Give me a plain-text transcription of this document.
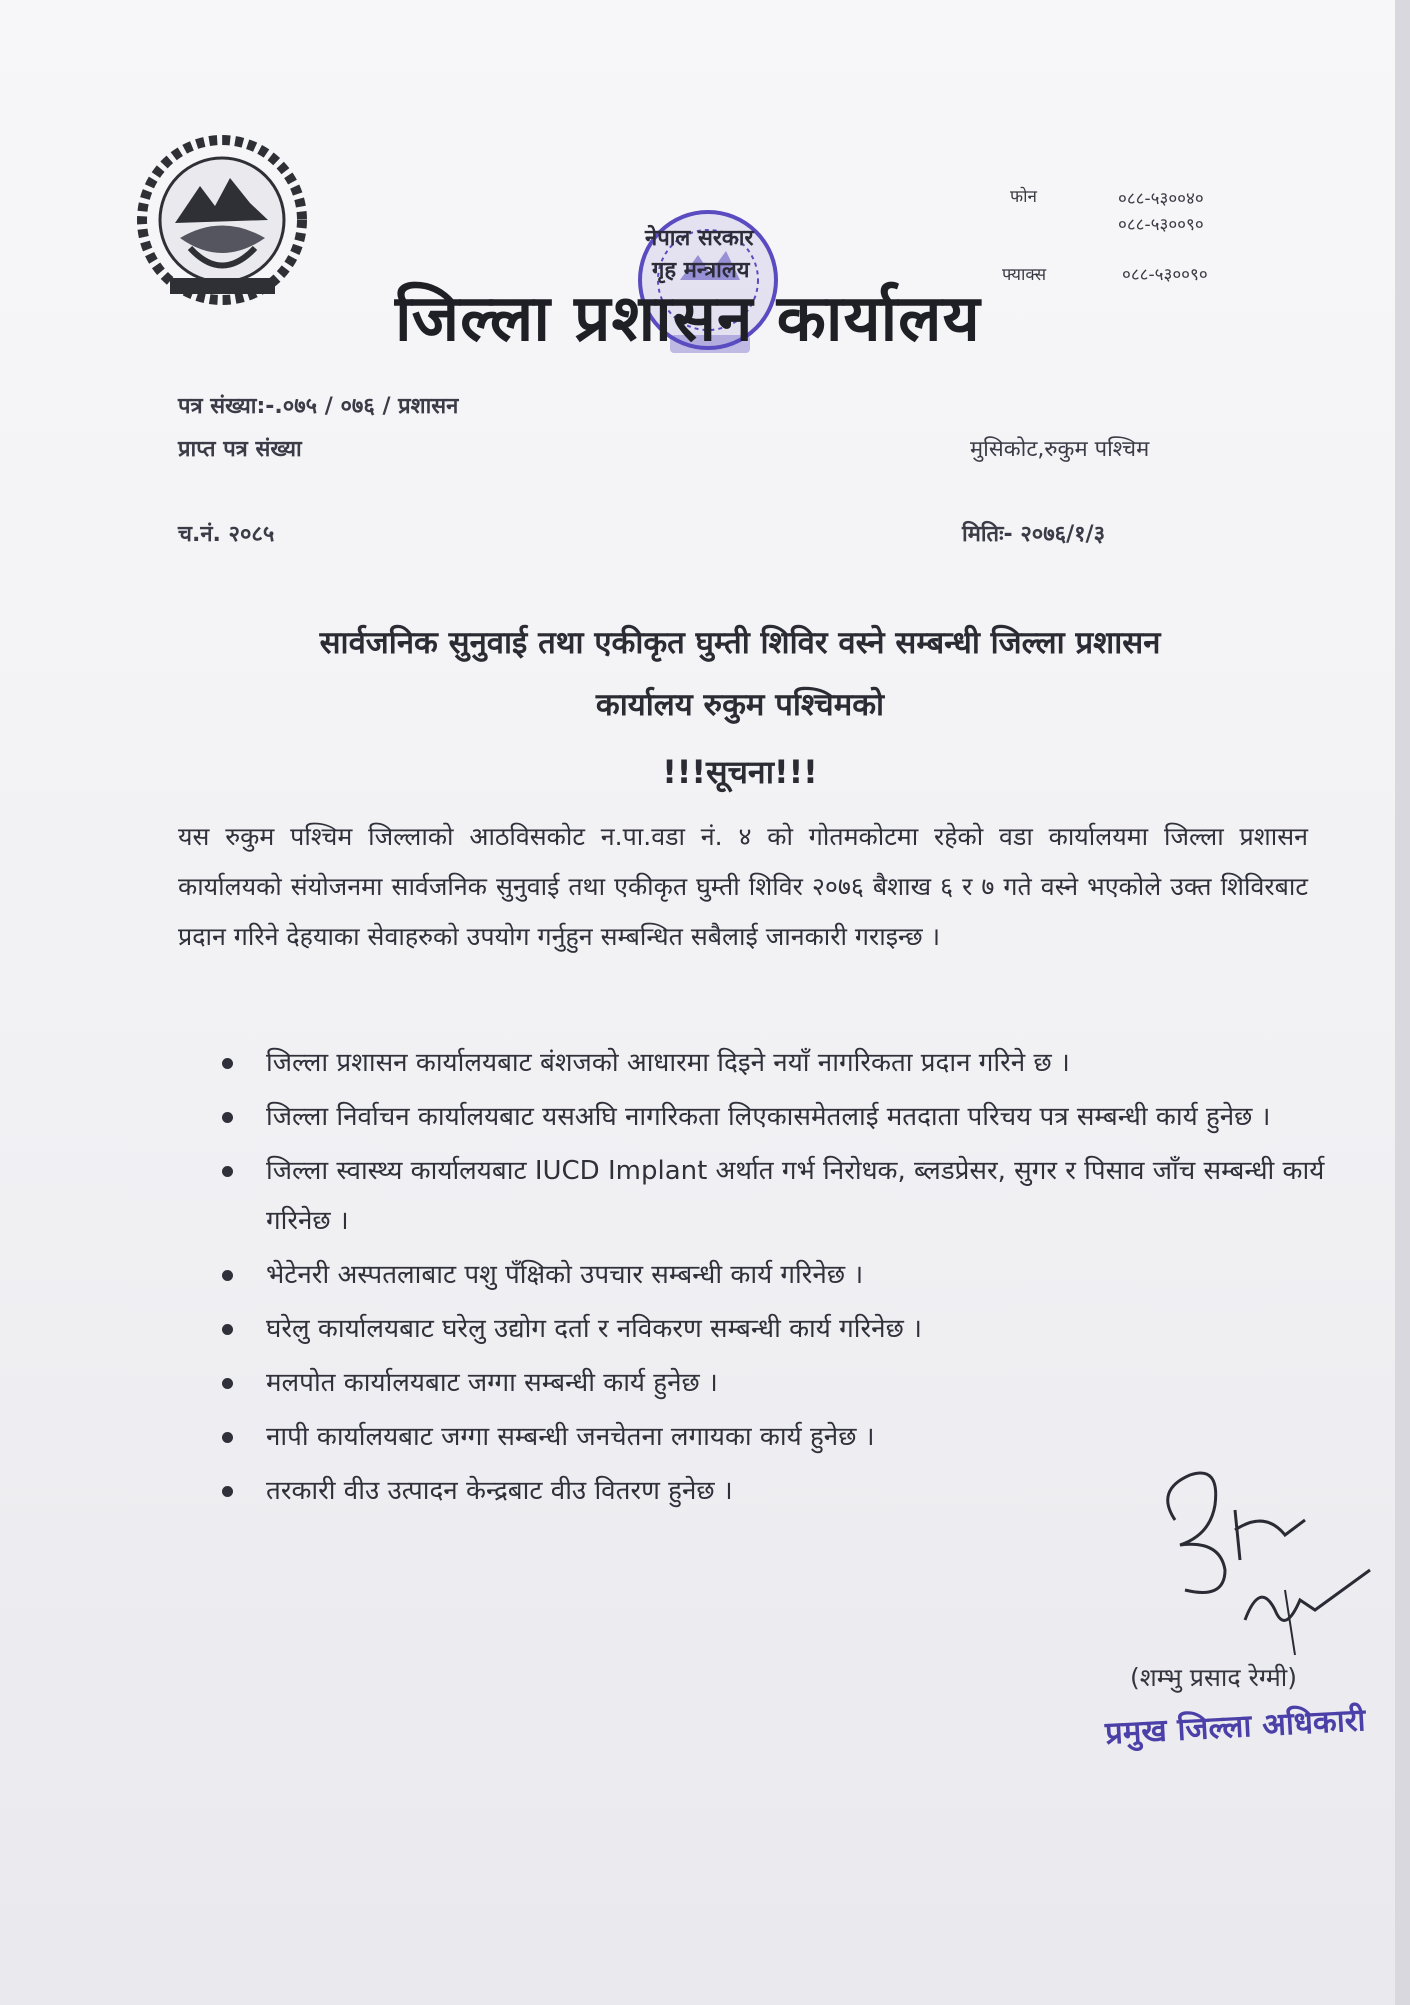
नेपाल सरकार
गृह मन्त्रालय
जिल्ला प्रशासन कार्यालय
फोन	०८८-५३००४०
०८८-५३००९०
फ्याक्स	०८८-५३००९०
पत्र संख्या:-.०७५ / ०७६ / प्रशासन
प्राप्त पत्र संख्या	मुसिकोट,रुकुम पश्चिम
च.नं. २०८५	मितिः- २०७६/१/३
सार्वजनिक सुनुवाई तथा एकीकृत घुम्ती शिविर वस्ने सम्बन्धी जिल्ला प्रशासन
कार्यालय रुकुम पश्चिमको
!!!सूचना!!!
यस रुकुम पश्चिम जिल्लाको आठविसकोट न.पा.वडा नं. ४ को गोतमकोटमा रहेको वडा कार्यालयमा जिल्ला प्रशासन कार्यालयको संयोजनमा सार्वजनिक सुनुवाई तथा एकीकृत घुम्ती शिविर २०७६ बैशाख ६ र ७ गते वस्ने भएकोले उक्त शिविरबाट प्रदान गरिने देहयाका सेवाहरुको उपयोग गर्नुहुन सम्बन्धित सबैलाई जानकारी गराइन्छ ।
जिल्ला प्रशासन कार्यालयबाट बंशजको आधारमा दिइने नयाँ नागरिकता प्रदान गरिने छ ।
जिल्ला निर्वाचन कार्यालयबाट यसअघि नागरिकता लिएकासमेतलाई मतदाता परिचय पत्र सम्बन्धी कार्य हुनेछ ।
जिल्ला स्वास्थ्य कार्यालयबाट IUCD Implant अर्थात गर्भ निरोधक, ब्लडप्रेसर, सुगर र पिसाव जाँच सम्बन्धी कार्य गरिनेछ ।
भेटेनरी अस्पतलाबाट पशु पँक्षिको उपचार सम्बन्धी कार्य गरिनेछ ।
घरेलु कार्यालयबाट घरेलु उद्योग दर्ता र नविकरण सम्बन्धी कार्य गरिनेछ ।
मलपोत कार्यालयबाट जग्गा सम्बन्धी कार्य हुनेछ ।
नापी कार्यालयबाट जग्गा सम्बन्धी जनचेतना लगायका कार्य हुनेछ ।
तरकारी वीउ उत्पादन केन्द्रबाट वीउ वितरण हुनेछ ।
(शम्भु प्रसाद रेग्मी)
प्रमुख जिल्ला अधिकारी
